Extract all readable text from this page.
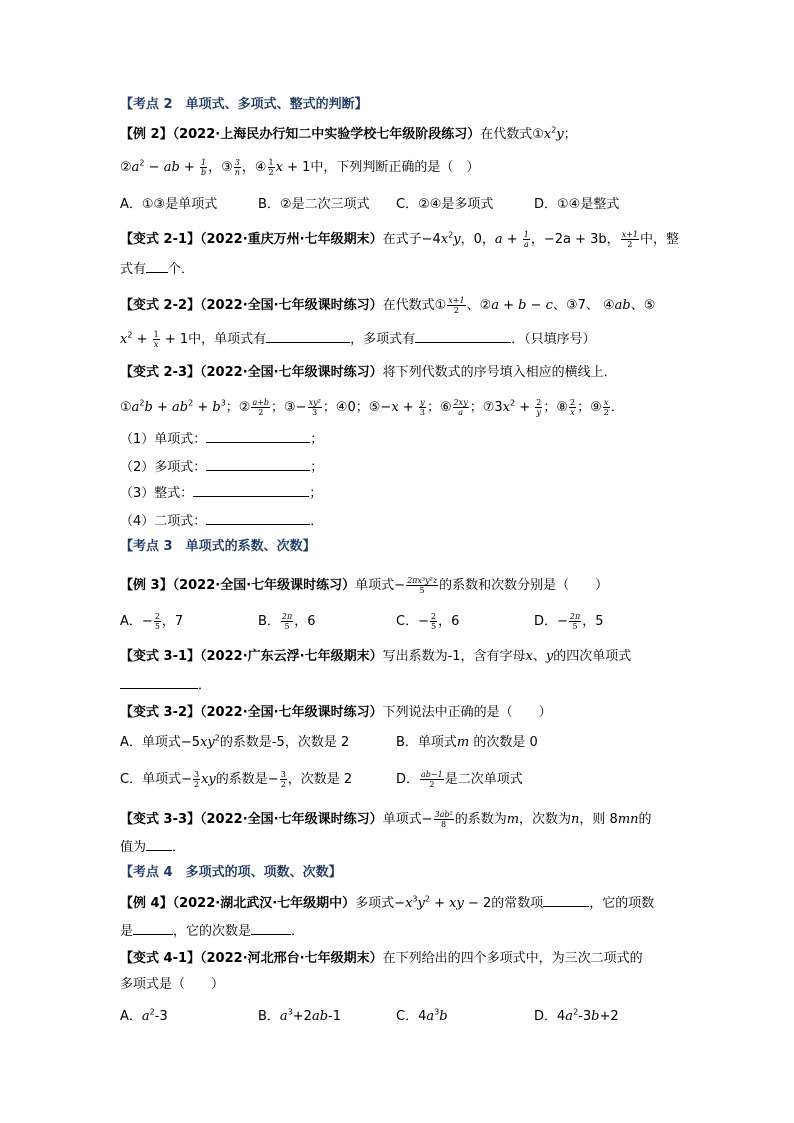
【考点 2　单项式、多项式、整式的判断】
【例 2】（2022·上海民办行知二中实验学校七年级阶段练习）在代数式$①x^2y$；
$②a^2$ − ab + $\frac{1}{b}$ ，③ $\frac{3}{n}$ ，④ $\frac{1}{2}$ x + 1中，下列判断正确的是（　）
A．①③是单项式	B．②是二次三项式 C．②④是多项式	D．①④是整式
【变式 2-1】（2022·重庆万州·七年级期末）在式子$-4x^2y$，0，$a + \frac{1}{a}$ ，−2a + 3b， $\frac{x+1}{2}$ 中，整
式有 个．
【变式 2-2】（2022·全国·七年级课时练习）在代数式① $\frac{x+1}{2}$ 、②a + b − c、③7、 ④ab、⑤
$x^2 + \frac{1}{x} + 1$中，单项式有	，多项式有	．（只填序号）
【变式 2-3】（2022·全国·七年级课时练习）将下列代数式的序号填入相应的横线上．
$①a^2b + ab^2 + b^3$；② $\frac{a+b}{2}$ ；③− $\frac{\text{xy²}}{3}$ ；④0；⑤−x + $\frac{y}{3}$ ；⑥ $\frac{2xy}{a}$ ；$⑦3x^2 + \frac{2}{y}$ ；⑧ $\frac{2}{x}$ ；⑨ $\frac{x}{2}$ ．
（1）单项式：	；
（2）多项式：	；
（3）整式：	；
（4）二项式：	．
【考点 3　单项式的系数、次数】
【例 3】（2022·全国·七年级课时练习）单项式− $\frac{\text{2πx³y²z}}{5}$ 的系数和次数分别是（　　）
A．− $\frac{2}{5}$ ，7	B． $\frac{2\pi}{5}$ ，6	C．− $\frac{2}{5}$ ，6	D．− $\frac{2\pi}{5}$ ，5
【变式 3-1】（2022·广东云浮·七年级期末）写出系数为-1，含有字母x、y的四次单项式
．
【变式 3-2】（2022·全国·七年级课时练习）下列说法中正确的是（　　）
A．单项式$-5xy^2$的系数是-5，次数是 2	B．单项式m 的次数是 0
C．单项式− $\frac{3}{2}$ xy的系数是− $\frac{3}{2}$ ，次数是 2	D． $\frac{ab-1}{2}$ 是二次单项式
【变式 3-3】（2022·全国·七年级课时练习）单项式− $\frac{\text{3ab²}}{8}$ 的系数为m，次数为n，则 8mn的
值为 ．
【考点 4　多项式的项、项数、次数】
【例 4】（2022·湖北武汉·七年级期中）多项式$-x^3y^2$ + xy − 2的常数项	，它的项数
是	，它的次数是	．
【变式 4-1】（2022·河北邢台·七年级期末）在下列给出的四个多项式中，为三次二项式的
多项式是（　　）
A．$a^2-3$	B．$a^3+2ab-1$	C．$4a^3b$	D．$4a^2-3b+2$
